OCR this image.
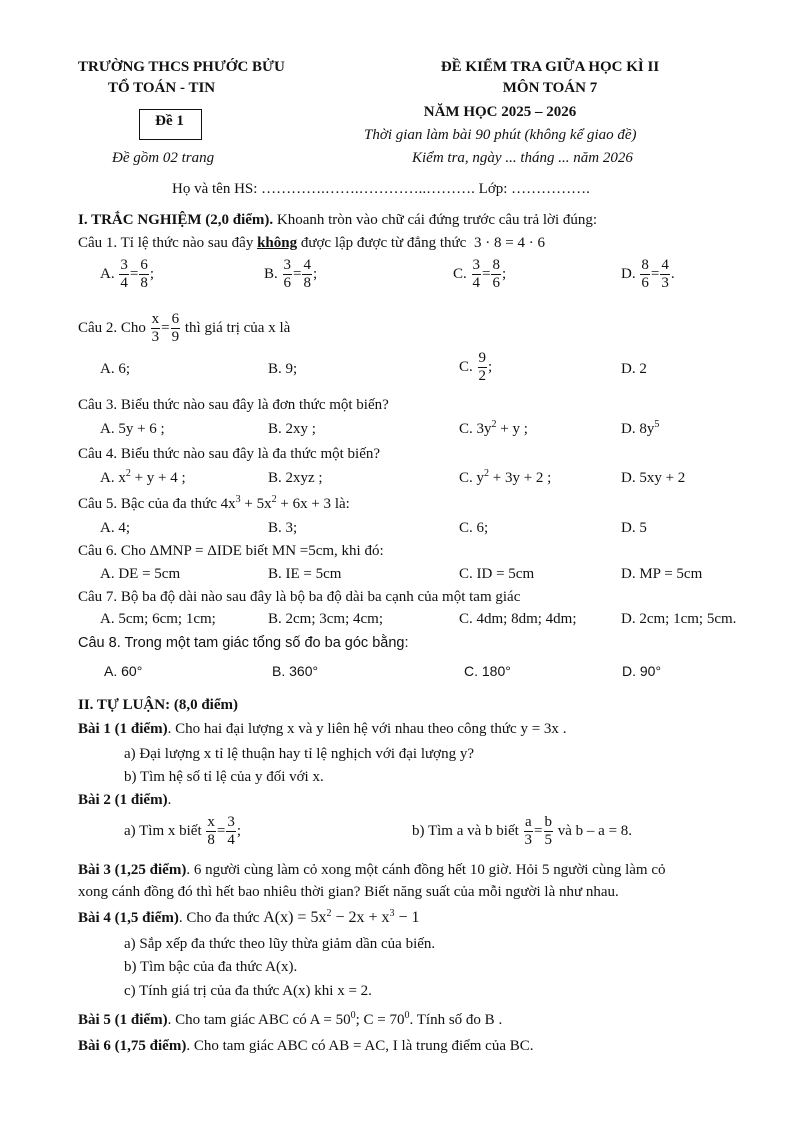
TRƯỜNG THCS PHƯỚC BỬU
TỔ TOÁN - TIN
Đề 1
Đề gồm 02 trang
ĐỀ KIỂM TRA GIỮA HỌC KÌ II
MÔN TOÁN 7
NĂM HỌC 2025 – 2026
Thời gian làm bài 90 phút (không kể giao đề)
Kiểm tra, ngày ... tháng ... năm 2026
Họ và tên HS: ………….…….…………..………. Lớp: …………….
I. TRẮC NGHIỆM (2,0 điểm). Khoanh tròn vào chữ cái đứng trước câu trả lời đúng:
Câu 1. Tỉ lệ thức nào sau đây không được lập được từ đẳng thức 3 · 8 = 4 · 6
A. $\frac{3}{4} = \frac{6}{8}$ ;	B. $\frac{3}{6} = \frac{4}{8}$ ;	C. $\frac{3}{4} = \frac{8}{6}$ ;	D. $\frac{8}{6} = \frac{4}{3}$ .
Câu 2. Cho $\frac{x}{3} = \frac{6}{9}$ thì giá trị của x là
A. 6;	B. 9;	C. $\frac{9}{2}$ ;	D. 2
Câu 3. Biểu thức nào sau đây là đơn thức một biến?
A. 5y + 6 ;	B. 2xy ;	C. $3y^2 + y$ ;	D. $8y^5$
Câu 4. Biểu thức nào sau đây là đa thức một biến?
A. $x^2 + y + 4$ ;	B. 2xyz ;	C. $y^2 + 3y + 2$ ;	D. 5xy + 2
Câu 5. Bậc của đa thức $4x^3 + 5x^2 + 6x + 3$ là:
A. 4;	B. 3;	C. 6;	D. 5
Câu 6. Cho ΔMNP = ΔIDE biết MN =5cm, khi đó:
A. DE = 5cm	B. IE = 5cm	C. ID = 5cm	D. MP = 5cm
Câu 7. Bộ ba độ dài nào sau đây là bộ ba độ dài ba cạnh của một tam giác
A. 5cm; 6cm; 1cm;	B. 2cm; 3cm; 4cm;	C. 4dm; 8dm; 4dm;	D. 2cm; 1cm; 5cm.
Câu 8. Trong một tam giác tổng số đo ba góc bằng:
A. 60°	B. 360°	C. 180°	D. 90°
II. TỰ LUẬN: (8,0 điểm)
Bài 1 (1 điểm). Cho hai đại lượng x và y liên hệ với nhau theo công thức y = 3x .
a) Đại lượng x tỉ lệ thuận hay tỉ lệ nghịch với đại lượng y?
b) Tìm hệ số tỉ lệ của y đối với x.
Bài 2 (1 điểm).
a) Tìm x biết $\frac{x}{8} = \frac{3}{4}$ ;	b) Tìm a và b biết $\frac{a}{3} = \frac{b}{5}$ và b – a = 8.
Bài 3 (1,25 điểm). 6 người cùng làm cỏ xong một cánh đồng hết 10 giờ. Hỏi 5 người cùng làm cỏ
xong cánh đồng đó thì hết bao nhiêu thời gian? Biết năng suất của mỗi người là như nhau.
Bài 4 (1,5 điểm). Cho đa thức $A(x) = 5x^2 - 2x + x^3 - 1$
a) Sắp xếp đa thức theo lũy thừa giảm dần của biến.
b) Tìm bậc của đa thức A(x).
c) Tính giá trị của đa thức A(x) khi x = 2.
Bài 5 (1 điểm). Cho tam giác ABC có $A = 50^0$; $C = 70^0$. Tính số đo B .
Bài 6 (1,75 điểm). Cho tam giác ABC có AB = AC, I là trung điểm của BC.
